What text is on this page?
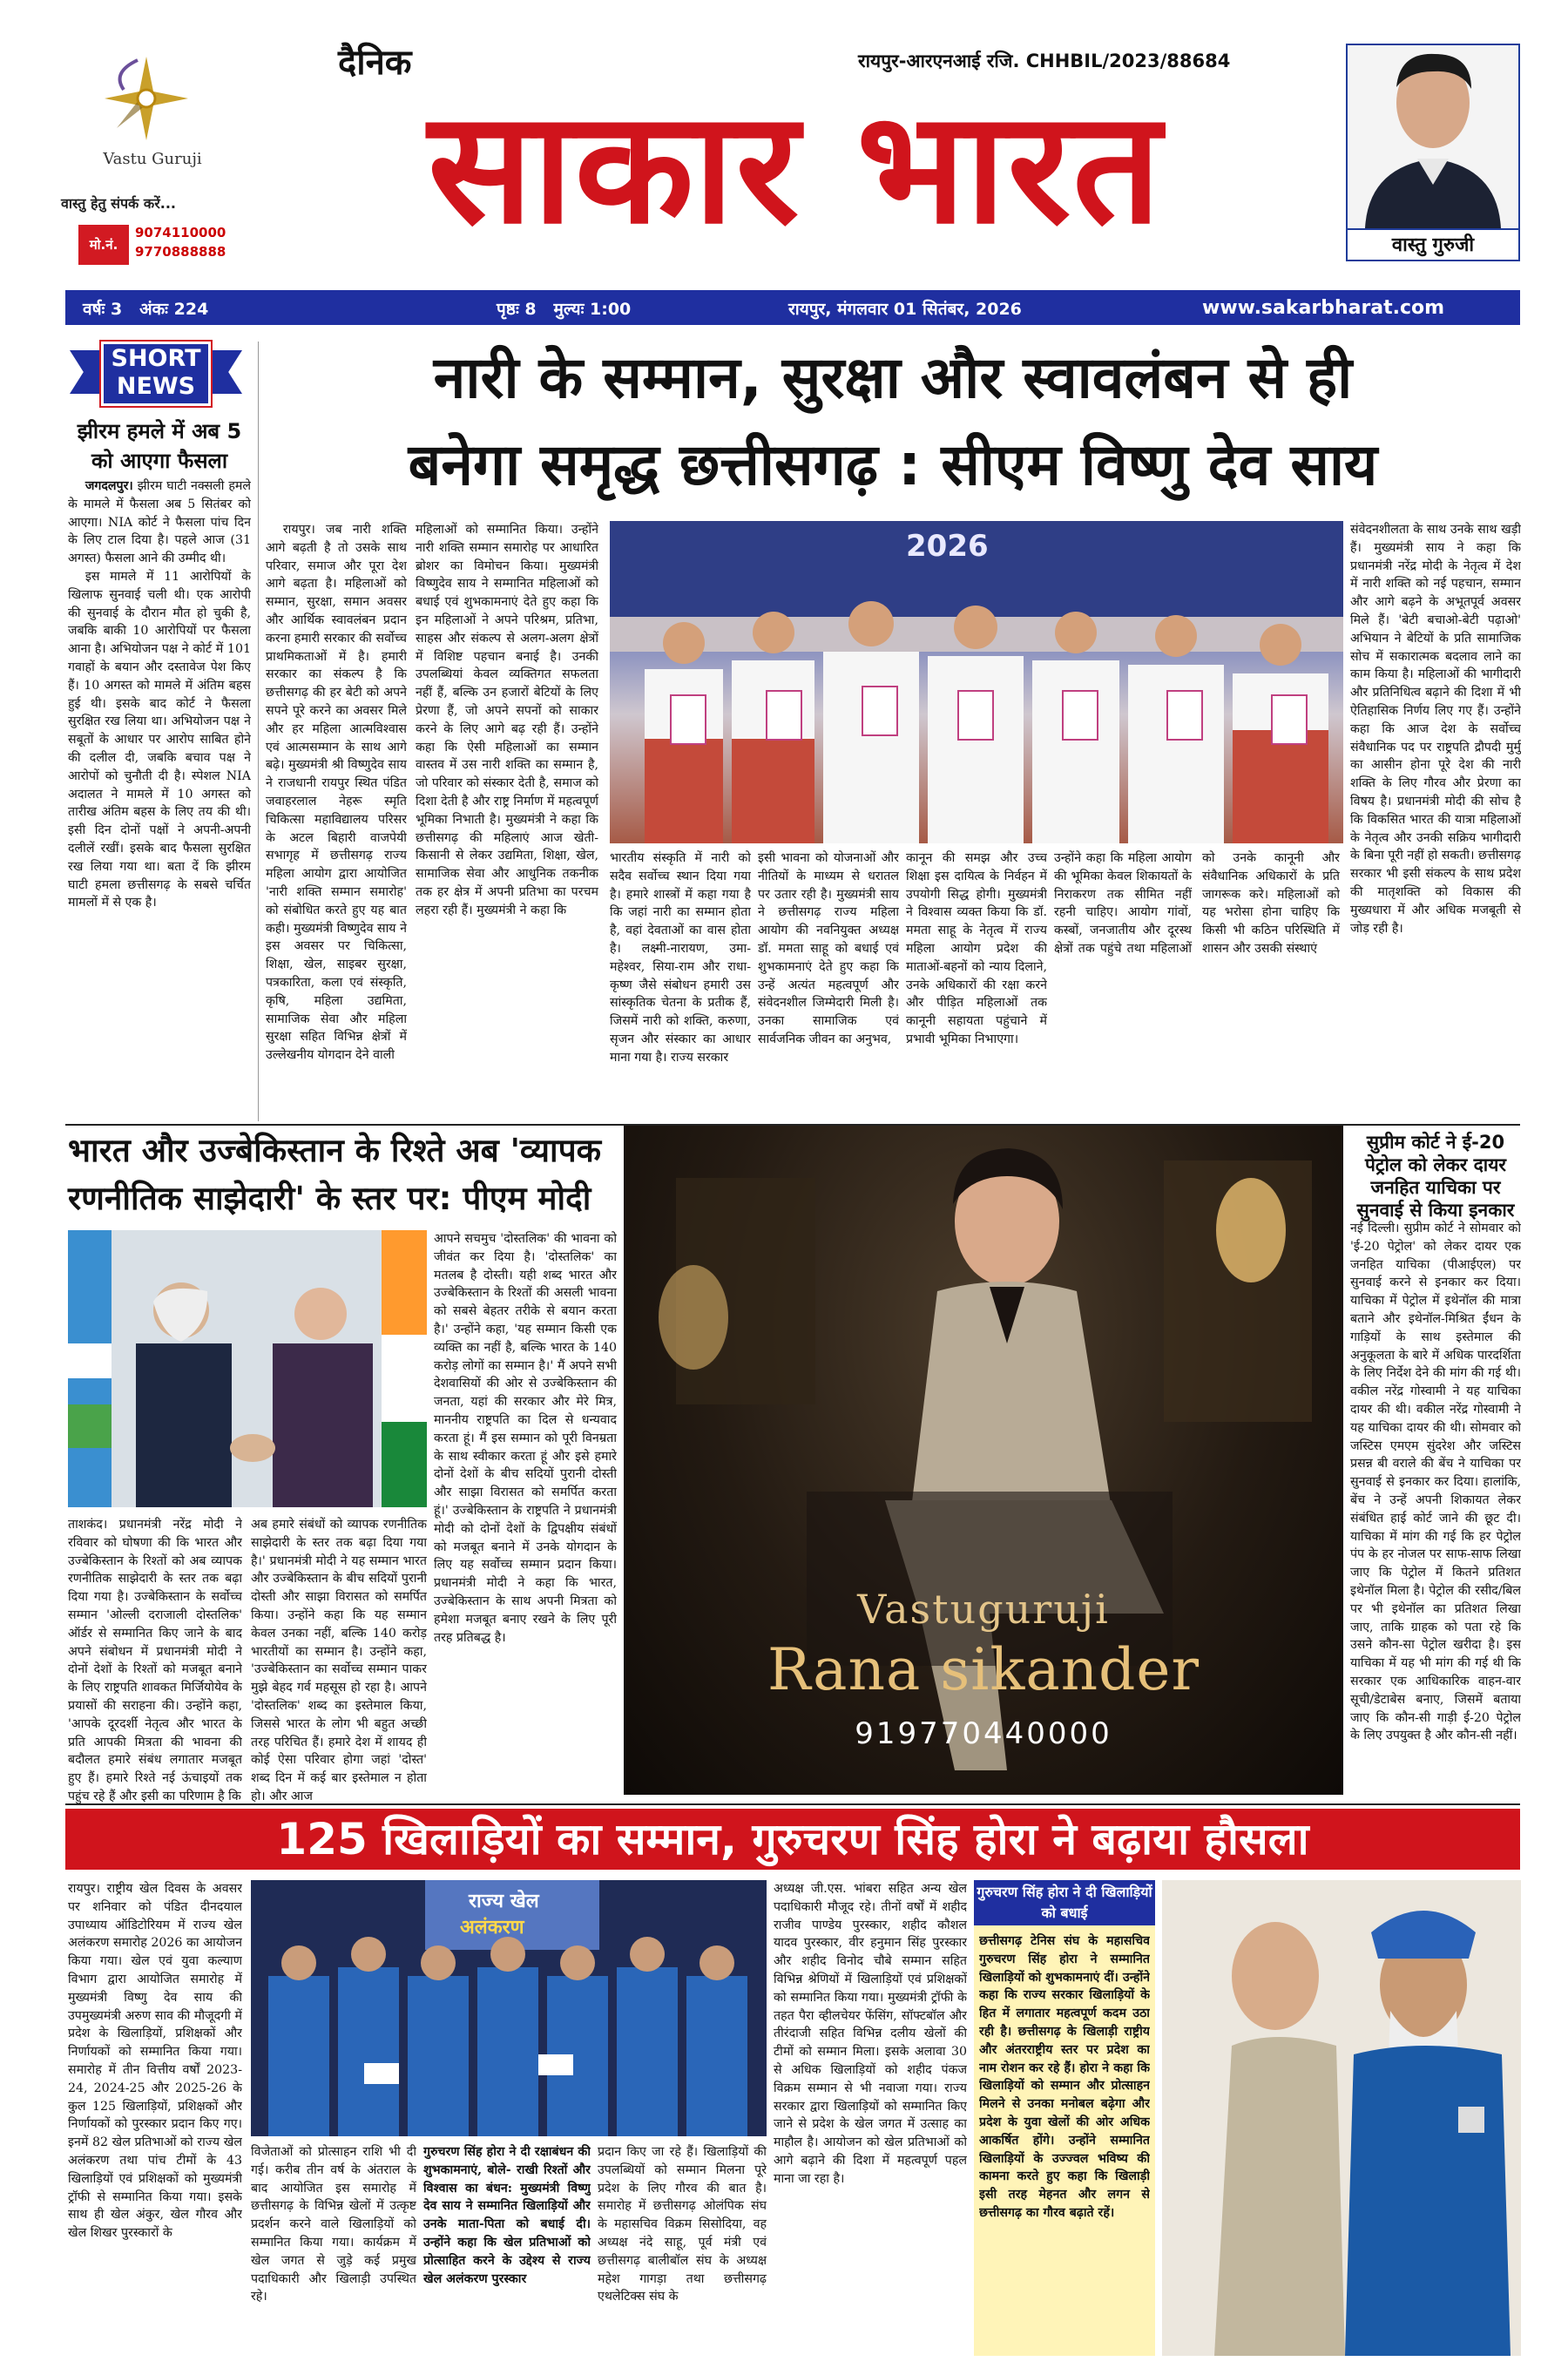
Vastu Guruji
वास्तु हेतु संपर्क करें...
मो.नं.
9074110000
9770888888
दैनिक	रायपुर-आरएनआई रजि. CHHBIL/2023/88684
साकार भारत	वास्तु गुरुजी
वर्षः 3   अंकः 224	पृष्ठः 8   मुल्यः 1:00	रायपुर, मंगलवार 01 सितंबर, 2026	www.sakarbharat.com
SHORT
NEWS
झीरम हमले में अब 5 को आएगा फैसला

जगदलपुर। झीरम घाटी नक्सली हमले के मामले में फैसला अब 5 सितंबर को आएगा। NIA कोर्ट ने फैसला पांच दिन के लिए टाल दिया है। पहले आज (31 अगस्त) फैसला आने की उम्मीद थी।

इस मामले में 11 आरोपियों के खिलाफ सुनवाई चली थी। एक आरोपी की सुनवाई के दौरान मौत हो चुकी है, जबकि बाकी 10 आरोपियों पर फैसला आना है। अभियोजन पक्ष ने कोर्ट में 101 गवाहों के बयान और दस्तावेज पेश किए हैं। 10 अगस्त को मामले में अंतिम बहस हुई थी। इसके बाद कोर्ट ने फैसला सुरक्षित रख लिया था। अभियोजन पक्ष ने सबूतों के आधार पर आरोप साबित होने की दलील दी, जबकि बचाव पक्ष ने आरोपों को चुनौती दी है। स्पेशल NIA अदालत ने मामले में 10 अगस्त को तारीख अंतिम बहस के लिए तय की थी। इसी दिन दोनों पक्षों ने अपनी-अपनी दलीलें रखीं। इसके बाद फैसला सुरक्षित रख लिया गया था। बता दें कि झीरम घाटी हमला छत्तीसगढ़ के सबसे चर्चित मामलों में से एक है।

नारी के सम्मान, सुरक्षा और स्वावलंबन से ही
बनेगा समृद्ध छत्तीसगढ़ : सीएम विष्णु देव साय
रायपुर। जब नारी शक्ति आगे बढ़ती है तो उसके साथ परिवार, समाज और पूरा देश आगे बढ़ता है। महिलाओं को सम्मान, सुरक्षा, समान अवसर और आर्थिक स्वावलंबन प्रदान करना हमारी सरकार की सर्वोच्च प्राथमिकताओं में है। हमारी सरकार का संकल्प है कि छत्तीसगढ़ की हर बेटी को अपने सपने पूरे करने का अवसर मिले और हर महिला आत्मविश्वास एवं आत्मसम्मान के साथ आगे बढ़े। मुख्यमंत्री श्री विष्णुदेव साय ने राजधानी रायपुर स्थित पंडित जवाहरलाल नेहरू स्मृति चिकित्सा महाविद्यालय परिसर के अटल बिहारी वाजपेयी सभागृह में छत्तीसगढ़ राज्य महिला आयोग द्वारा आयोजित 'नारी शक्ति सम्मान समारोह' को संबोधित करते हुए यह बात कही। मुख्यमंत्री विष्णुदेव साय ने इस अवसर पर चिकित्सा, शिक्षा, खेल, साइबर सुरक्षा, पत्रकारिता, कला एवं संस्कृति, कृषि, महिला उद्यमिता, सामाजिक सेवा और महिला सुरक्षा सहित विभिन्न क्षेत्रों में उल्लेखनीय योगदान देने वाली
महिलाओं को सम्मानित किया। उन्होंने नारी शक्ति सम्मान समारोह पर आधारित ब्रोशर का विमोचन किया। मुख्यमंत्री विष्णुदेव साय ने सम्मानित महिलाओं को बधाई एवं शुभकामनाएं देते हुए कहा कि इन महिलाओं ने अपने परिश्रम, प्रतिभा, साहस और संकल्प से अलग-अलग क्षेत्रों में विशिष्ट पहचान बनाई है। उनकी उपलब्धियां केवल व्यक्तिगत सफलता नहीं हैं, बल्कि उन हजारों बेटियों के लिए प्रेरणा हैं, जो अपने सपनों को साकार करने के लिए आगे बढ़ रही हैं। उन्होंने कहा कि ऐसी महिलाओं का सम्मान वास्तव में उस नारी शक्ति का सम्मान है, जो परिवार को संस्कार देती है, समाज को दिशा देती है और राष्ट्र निर्माण में महत्वपूर्ण भूमिका निभाती है। मुख्यमंत्री ने कहा कि छत्तीसगढ़ की महिलाएं आज खेती-किसानी से लेकर उद्यमिता, शिक्षा, खेल, सामाजिक सेवा और आधुनिक तकनीक तक हर क्षेत्र में अपनी प्रतिभा का परचम लहरा रही हैं। मुख्यमंत्री ने कहा कि
2026
भारतीय संस्कृति में नारी को सदैव सर्वोच्च स्थान दिया गया है। हमारे शास्त्रों में कहा गया है कि जहां नारी का सम्मान होता है, वहां देवताओं का वास होता है। लक्ष्मी-नारायण, उमा-महेश्वर, सिया-राम और राधा-कृष्ण जैसे संबोधन हमारी उस सांस्कृतिक चेतना के प्रतीक हैं, जिसमें नारी को शक्ति, करुणा, सृजन और संस्कार का आधार माना गया है। राज्य सरकार
इसी भावना को योजनाओं और नीतियों के माध्यम से धरातल पर उतार रही है। मुख्यमंत्री साय ने छत्तीसगढ़ राज्य महिला आयोग की नवनियुक्त अध्यक्ष डॉ. ममता साहू को बधाई एवं शुभकामनाएं देते हुए कहा कि उन्हें अत्यंत महत्वपूर्ण और संवेदनशील जिम्मेदारी मिली है। उनका सामाजिक एवं सार्वजनिक जीवन का अनुभव,
कानून की समझ और उच्च शिक्षा इस दायित्व के निर्वहन में उपयोगी सिद्ध होगी। मुख्यमंत्री ने विश्वास व्यक्त किया कि डॉ. ममता साहू के नेतृत्व में राज्य महिला आयोग प्रदेश की माताओं-बहनों को न्याय दिलाने, उनके अधिकारों की रक्षा करने और पीड़ित महिलाओं तक कानूनी सहायता पहुंचाने में प्रभावी भूमिका निभाएगा।
उन्होंने कहा कि महिला आयोग की भूमिका केवल शिकायतों के निराकरण तक सीमित नहीं रहनी चाहिए। आयोग गांवों, कस्बों, जनजातीय और दूरस्थ क्षेत्रों तक पहुंचे तथा महिलाओं को उनके कानूनी और संवैधानिक अधिकारों के प्रति जागरूक करे। महिलाओं को यह भरोसा होना चाहिए कि किसी भी कठिन परिस्थिति में शासन और उसकी संस्थाएं
संवेदनशीलता के साथ उनके साथ खड़ी हैं। मुख्यमंत्री साय ने कहा कि प्रधानमंत्री नरेंद्र मोदी के नेतृत्व में देश में नारी शक्ति को नई पहचान, सम्मान और आगे बढ़ने के अभूतपूर्व अवसर मिले हैं। 'बेटी बचाओ-बेटी पढ़ाओ' अभियान ने बेटियों के प्रति सामाजिक सोच में सकारात्मक बदलाव लाने का काम किया है। महिलाओं की भागीदारी और प्रतिनिधित्व बढ़ाने की दिशा में भी ऐतिहासिक निर्णय लिए गए हैं। उन्होंने कहा कि आज देश के सर्वोच्च संवैधानिक पद पर राष्ट्रपति द्रौपदी मुर्मु का आसीन होना पूरे देश की नारी शक्ति के लिए गौरव और प्रेरणा का विषय है। प्रधानमंत्री मोदी की सोच है कि विकसित भारत की यात्रा महिलाओं के नेतृत्व और उनकी सक्रिय भागीदारी के बिना पूरी नहीं हो सकती। छत्तीसगढ़ सरकार भी इसी संकल्प के साथ प्रदेश की मातृशक्ति को विकास की मुख्यधारा में और अधिक मजबूती से जोड़ रही है।
भारत और उज्बेकिस्तान के रिश्ते अब 'व्यापक
रणनीतिक साझेदारी' के स्तर पर: पीएम मोदी
आपने सचमुच 'दोस्तलिक' की भावना को जीवंत कर दिया है। 'दोस्तलिक' का मतलब है दोस्ती। यही शब्द भारत और उज्बेकिस्तान के रिश्तों की असली भावना को सबसे बेहतर तरीके से बयान करता है।' उन्होंने कहा, 'यह सम्मान किसी एक व्यक्ति का नहीं है, बल्कि भारत के 140 करोड़ लोगों का सम्मान है।' मैं अपने सभी देशवासियों की ओर से उज्बेकिस्तान की जनता, यहां की सरकार और मेरे मित्र, माननीय राष्ट्रपति का दिल से धन्यवाद करता हूं। मैं इस सम्मान को पूरी विनम्रता के साथ स्वीकार करता हूं और इसे हमारे दोनों देशों के बीच सदियों पुरानी दोस्ती और साझा विरासत को समर्पित करता हूं।' उज्बेकिस्तान के राष्ट्रपति ने प्रधानमंत्री मोदी को दोनों देशों के द्विपक्षीय संबंधों को मजबूत बनाने में उनके योगदान के लिए यह सर्वोच्च सम्मान प्रदान किया। प्रधानमंत्री मोदी ने कहा कि भारत, उज्बेकिस्तान के साथ अपनी मित्रता को हमेशा मजबूत बनाए रखने के लिए पूरी तरह प्रतिबद्ध है।
ताशकंद। प्रधानमंत्री नरेंद्र मोदी ने रविवार को घोषणा की कि भारत और उज्बेकिस्तान के रिश्तों को अब व्यापक रणनीतिक साझेदारी के स्तर तक बढ़ा दिया गया है। उज्बेकिस्तान के सर्वोच्च सम्मान 'ओल्ली दराजाली दोस्तलिक' ऑर्डर से सम्मानित किए जाने के बाद अपने संबोधन में प्रधानमंत्री मोदी ने दोनों देशों के रिश्तों को मजबूत बनाने के लिए राष्ट्रपति शावकत मिर्जियोयेव के प्रयासों की सराहना की। उन्होंने कहा, 'आपके दूरदर्शी नेतृत्व और भारत के प्रति आपकी मित्रता की भावना की बदौलत हमारे संबंध लगातार मजबूत हुए हैं। हमारे रिश्ते नई ऊंचाइयों तक पहुंच रहे हैं और इसी का परिणाम है कि
अब हमारे संबंधों को व्यापक रणनीतिक साझेदारी के स्तर तक बढ़ा दिया गया है।' प्रधानमंत्री मोदी ने यह सम्मान भारत और उज्बेकिस्तान के बीच सदियों पुरानी दोस्ती और साझा विरासत को समर्पित किया। उन्होंने कहा कि यह सम्मान केवल उनका नहीं, बल्कि 140 करोड़ भारतीयों का सम्मान है। उन्होंने कहा, 'उज्बेकिस्तान का सर्वोच्च सम्मान पाकर मुझे बेहद गर्व महसूस हो रहा है। आपने 'दोस्तलिक' शब्द का इस्तेमाल किया, जिससे भारत के लोग भी बहुत अच्छी तरह परिचित हैं। हमारे देश में शायद ही कोई ऐसा परिवार होगा जहां 'दोस्त' शब्द दिन में कई बार इस्तेमाल न होता हो। और आज
Vastuguruji
Rana sikander
919770440000
सुप्रीम कोर्ट ने ई-20 पेट्रोल को लेकर दायर जनहित याचिका पर सुनवाई से किया इनकार
नई दिल्ली। सुप्रीम कोर्ट ने सोमवार को 'ई-20 पेट्रोल' को लेकर दायर एक जनहित याचिका (पीआईएल) पर सुनवाई करने से इनकार कर दिया। याचिका में पेट्रोल में इथेनॉल की मात्रा बताने और इथेनॉल-मिश्रित ईंधन के गाड़ियों के साथ इस्तेमाल की अनुकूलता के बारे में अधिक पारदर्शिता के लिए निर्देश देने की मांग की गई थी। वकील नरेंद्र गोस्वामी ने यह याचिका दायर की थी। वकील नरेंद्र गोस्वामी ने यह याचिका दायर की थी। सोमवार को जस्टिस एमएम सुंदरेश और जस्टिस प्रसन्न बी वराले की बेंच ने याचिका पर सुनवाई से इनकार कर दिया। हालांकि, बेंच ने उन्हें अपनी शिकायत लेकर संबंधित हाई कोर्ट जाने की छूट दी। याचिका में मांग की गई कि हर पेट्रोल पंप के हर नोजल पर साफ-साफ लिखा जाए कि पेट्रोल में कितने प्रतिशत इथेनॉल मिला है। पेट्रोल की रसीद/बिल पर भी इथेनॉल का प्रतिशत लिखा जाए, ताकि ग्राहक को पता रहे कि उसने कौन-सा पेट्रोल खरीदा है। इस याचिका में यह भी मांग की गई थी कि सरकार एक आधिकारिक वाहन-वार सूची/डेटाबेस बनाए, जिसमें बताया जाए कि कौन-सी गाड़ी ई-20 पेट्रोल के लिए उपयुक्त है और कौन-सी नहीं।
125 खिलाड़ियों का सम्मान, गुरुचरण सिंह होरा ने बढ़ाया हौसला
रायपुर। राष्ट्रीय खेल दिवस के अवसर पर शनिवार को पंडित दीनदयाल उपाध्याय ऑडिटोरियम में राज्य खेल अलंकरण समारोह 2026 का आयोजन किया गया। खेल एवं युवा कल्याण विभाग द्वारा आयोजित समारोह में मुख्यमंत्री विष्णु देव साय की उपमुख्यमंत्री अरुण साव की मौजूदगी में प्रदेश के खिलाड़ियों, प्रशिक्षकों और निर्णायकों को सम्मानित किया गया। समारोह में तीन वित्तीय वर्षों 2023-24, 2024-25 और 2025-26 के कुल 125 खिलाड़ियों, प्रशिक्षकों और निर्णायकों को पुरस्कार प्रदान किए गए। इनमें 82 खेल प्रतिभाओं को राज्य खेल अलंकरण तथा पांच टीमों के 43 खिलाड़ियों एवं प्रशिक्षकों को मुख्यमंत्री ट्रॉफी से सम्मानित किया गया। इसके साथ ही खेल अंकुर, खेल गौरव और खेल शिखर पुरस्कारों के
राज्य खेल
अलंकरण
विजेताओं को प्रोत्साहन राशि भी दी गई। करीब तीन वर्ष के अंतराल के बाद आयोजित इस समारोह में छत्तीसगढ़ के विभिन्न खेलों में उत्कृष्ट प्रदर्शन करने वाले खिलाड़ियों को सम्मानित किया गया। कार्यक्रम में खेल जगत से जुड़े कई प्रमुख पदाधिकारी और खिलाड़ी उपस्थित रहे।
गुरुचरण सिंह होरा ने दी रक्षाबंधन की शुभकामनाएं, बोले- राखी रिश्तों और विश्वास का बंधन: मुख्यमंत्री विष्णु देव साय ने सम्मानित खिलाड़ियों और उनके माता-पिता को बधाई दी। उन्होंने कहा कि खेल प्रतिभाओं को प्रोत्साहित करने के उद्देश्य से राज्य खेल अलंकरण पुरस्कार
प्रदान किए जा रहे हैं। खिलाड़ियों की उपलब्धियों को सम्मान मिलना पूरे प्रदेश के लिए गौरव की बात है। समारोह में छत्तीसगढ़ ओलंपिक संघ के महासचिव विक्रम सिसोदिया, वह अध्यक्ष नंदे साहू, पूर्व मंत्री एवं छत्तीसगढ़ बालीबॉल संघ के अध्यक्ष महेश गागड़ा तथा छत्तीसगढ़ एथलेटिक्स संघ के
अध्यक्ष जी.एस. भांबरा सहित अन्य खेल पदाधिकारी मौजूद रहे। तीनों वर्षों में शहीद राजीव पाण्डेय पुरस्कार, शहीद कौशल यादव पुरस्कार, वीर हनुमान सिंह पुरस्कार और शहीद विनोद चौबे सम्मान सहित विभिन्न श्रेणियों में खिलाड़ियों एवं प्रशिक्षकों को सम्मानित किया गया। मुख्यमंत्री ट्रॉफी के तहत पैरा व्हीलचेयर फेंसिंग, सॉफ्टबॉल और तीरंदाजी सहित विभिन्न दलीय खेलों की टीमों को सम्मान मिला। इसके अलावा 30 से अधिक खिलाड़ियों को शहीद पंकज विक्रम सम्मान से भी नवाजा गया। राज्य सरकार द्वारा खिलाड़ियों को सम्मानित किए जाने से प्रदेश के खेल जगत में उत्साह का माहौल है। आयोजन को खेल प्रतिभाओं को आगे बढ़ाने की दिशा में महत्वपूर्ण पहल माना जा रहा है।
गुरुचरण सिंह होरा ने दी खिलाड़ियों को बधाई
छत्तीसगढ़ टेनिस संघ के महासचिव गुरुचरण सिंह होरा ने सम्मानित खिलाड़ियों को शुभकामनाएं दीं। उन्होंने कहा कि राज्य सरकार खिलाड़ियों के हित में लगातार महत्वपूर्ण कदम उठा रही है। छत्तीसगढ़ के खिलाड़ी राष्ट्रीय और अंतरराष्ट्रीय स्तर पर प्रदेश का नाम रोशन कर रहे हैं। होरा ने कहा कि खिलाड़ियों को सम्मान और प्रोत्साहन मिलने से उनका मनोबल बढ़ेगा और प्रदेश के युवा खेलों की ओर अधिक आकर्षित होंगे। उन्होंने सम्मानित खिलाड़ियों के उज्ज्वल भविष्य की कामना करते हुए कहा कि खिलाड़ी इसी तरह मेहनत और लगन से छत्तीसगढ़ का गौरव बढ़ाते रहें।
